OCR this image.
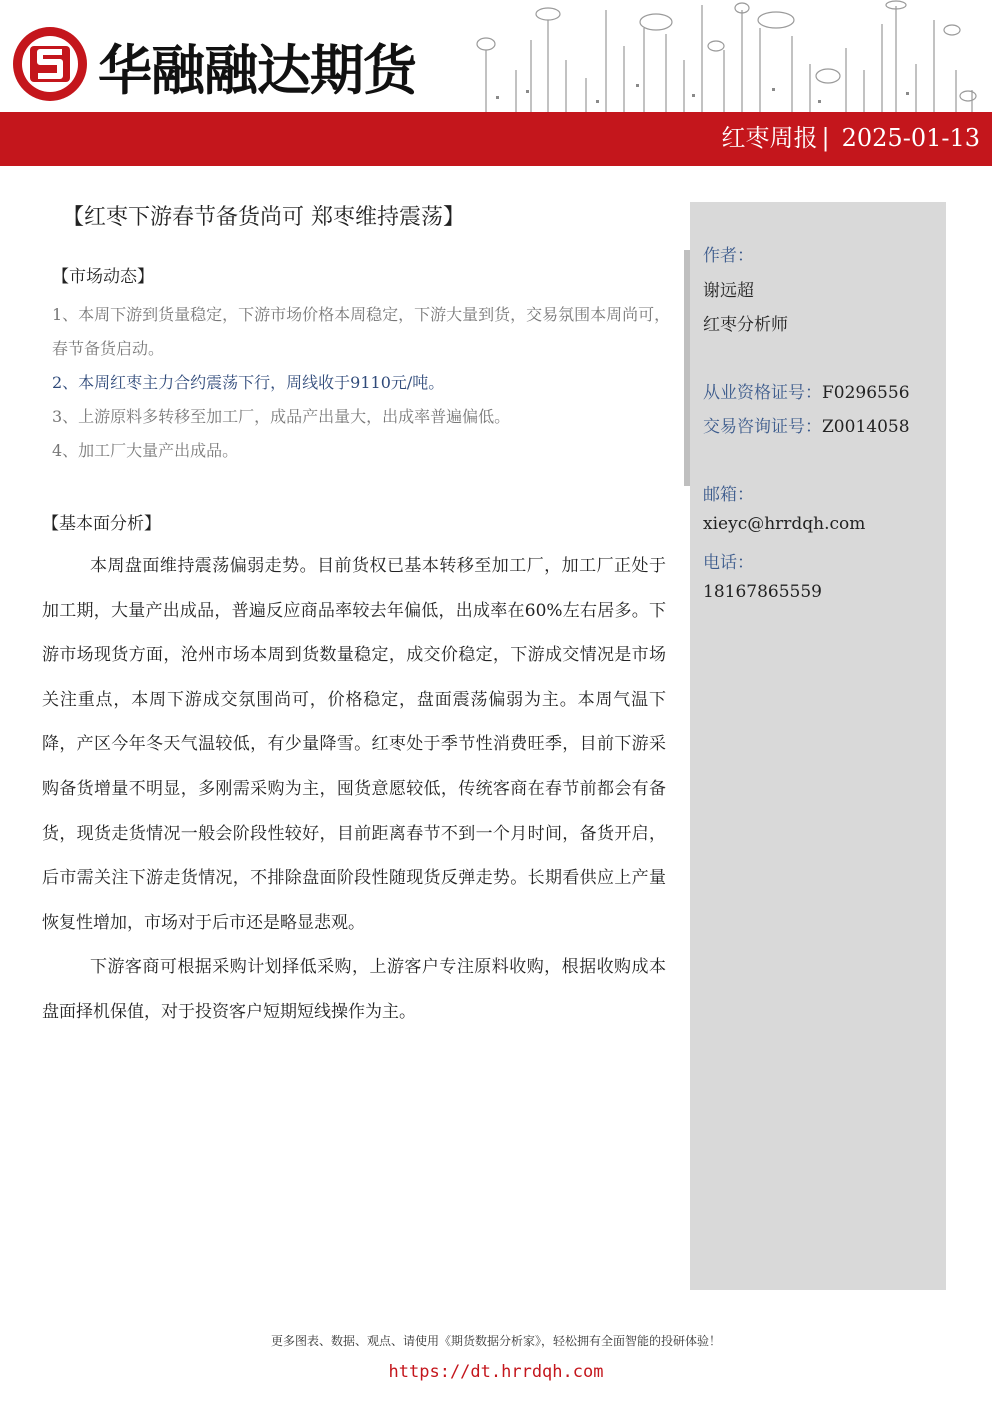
华融融达期货
红枣周报 | 2025-01-13
【红枣下游春节备货尚可 郑枣维持震荡】
【市场动态】
1、本周下游到货量稳定，下游市场价格本周稳定，下游大量到货，交易氛围本周尚可，春节备货启动。
2、本周红枣主力合约震荡下行，周线收于9110元/吨。
3、上游原料多转移至加工厂，成品产出量大，出成率普遍偏低。
4、加工厂大量产出成品。
【基本面分析】

本周盘面维持震荡偏弱走势。目前货权已基本转移至加工厂，加工厂正处于加工期，大量产出成品，普遍反应商品率较去年偏低，出成率在60%左右居多。下游市场现货方面，沧州市场本周到货数量稳定，成交价稳定，下游成交情况是市场关注重点，本周下游成交氛围尚可，价格稳定，盘面震荡偏弱为主。本周气温下降，产区今年冬天气温较低，有少量降雪。红枣处于季节性消费旺季，目前下游采购备货增量不明显，多刚需采购为主，囤货意愿较低，传统客商在春节前都会有备货，现货走货情况一般会阶段性较好，目前距离春节不到一个月时间，备货开启，后市需关注下游走货情况，不排除盘面阶段性随现货反弹走势。长期看供应上产量恢复性增加，市场对于后市还是略显悲观。

下游客商可根据采购计划择低采购，上游客户专注原料收购，根据收购成本盘面择机保值，对于投资客户短期短线操作为主。

作者：
谢远超
红枣分析师
从业资格证号：F0296556
交易咨询证号：Z0014058
邮箱：
xieyc@hrrdqh.com
电话：
18167865559
更多图表、数据、观点、请使用《期货数据分析家》，轻松拥有全面智能的投研体验！
https://dt.hrrdqh.com
